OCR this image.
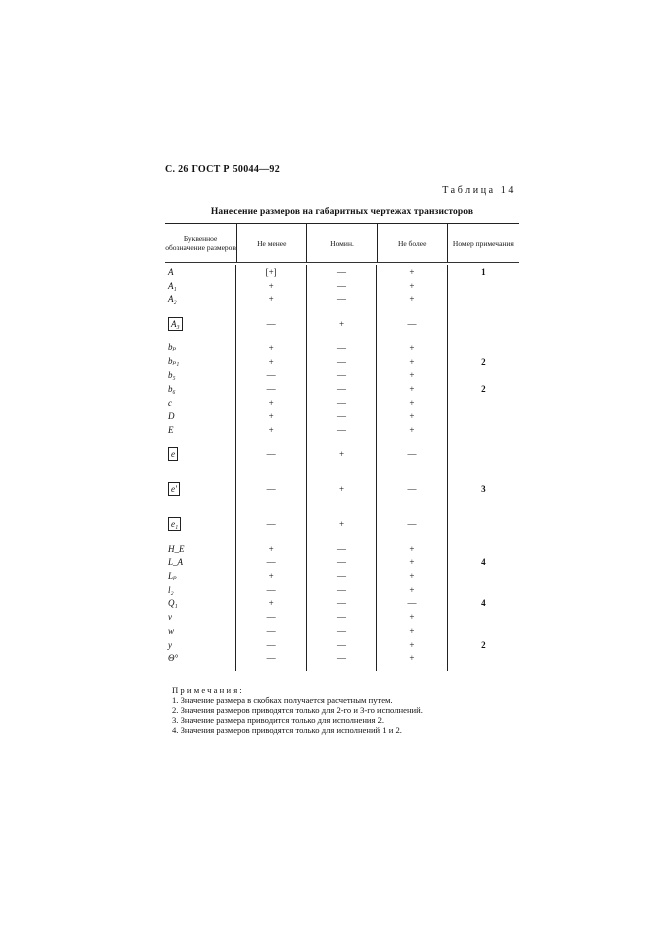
С. 26 ГОСТ Р 50044—92
Таблица 14
Нанесение размеров на габаритных чертежах транзисторов
Буквенное обозначение размеров	Не менее	Номин.	Не более	Номер примечания
A	[+]	—	+	1
A₁	+	—	+
A₂	+	—	+
A₃	—	+	—
bₚ	+	—	+
bₚ₁	+	—	+	2
b₅	—	—	+
b₆	—	—	+	2
c	+	—	+
D	+	—	+
E	+	—	+
e	—	+	—
e'	—	+	—	3
e₁	—	+	—
H_E	+	—	+
L_A	—	—	+	4
Lₚ	+	—	+
l₂	—	—	+
Q₁	+	—	—	4
v	—	—	+
w	—	—	+
y	—	—	+	2
Θ°	—	—	+
Примечания:
1. Значение размера в скобках получается расчетным путем.
2. Значения размеров приводятся только для 2-го и 3-го исполнений.
3. Значение размера приводится только для исполнения 2.
4. Значения размеров приводятся только для исполнений 1 и 2.
